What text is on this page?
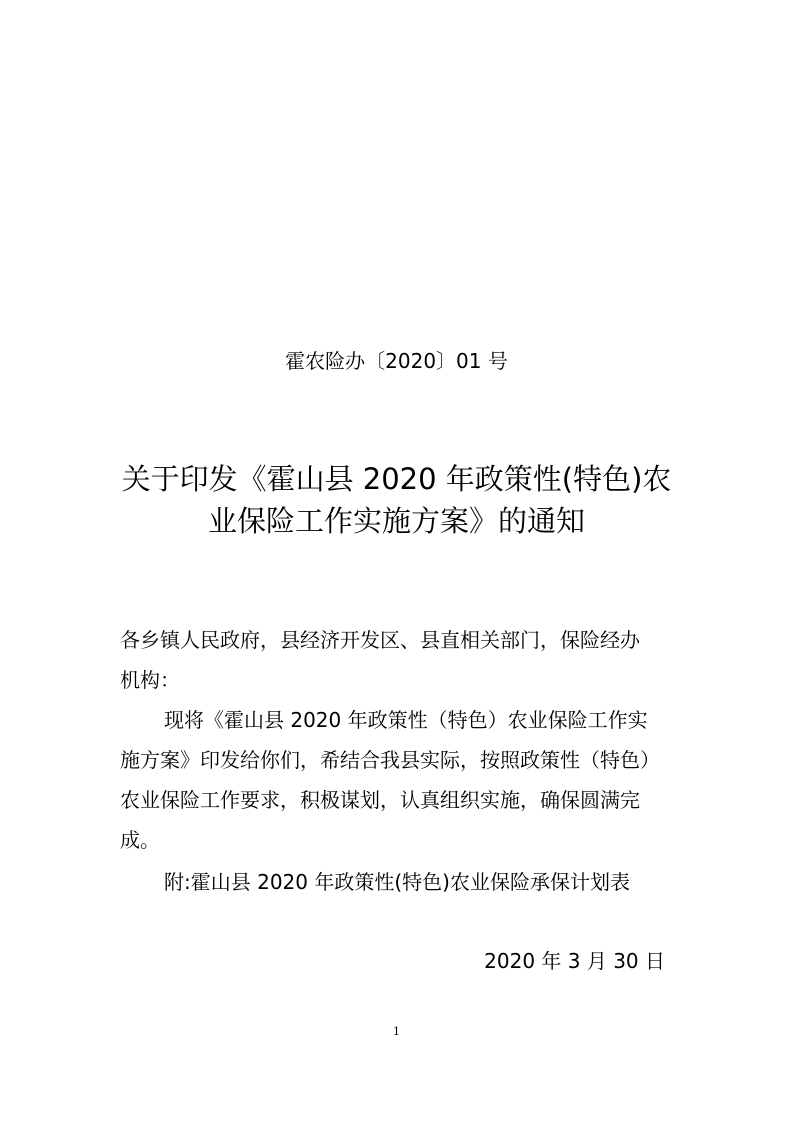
霍农险办〔2020〕01 号
关于印发《霍山县 2020 年政策性(特色)农
业保险工作实施方案》的通知
各乡镇人民政府，县经济开发区、县直相关部门，保险经办
机构：
现将《霍山县 2020 年政策性（特色）农业保险工作实
施方案》印发给你们，希结合我县实际，按照政策性（特色）
农业保险工作要求，积极谋划，认真组织实施，确保圆满完
成。
附:霍山县 2020 年政策性(特色)农业保险承保计划表
2020 年 3 月 30 日
1
